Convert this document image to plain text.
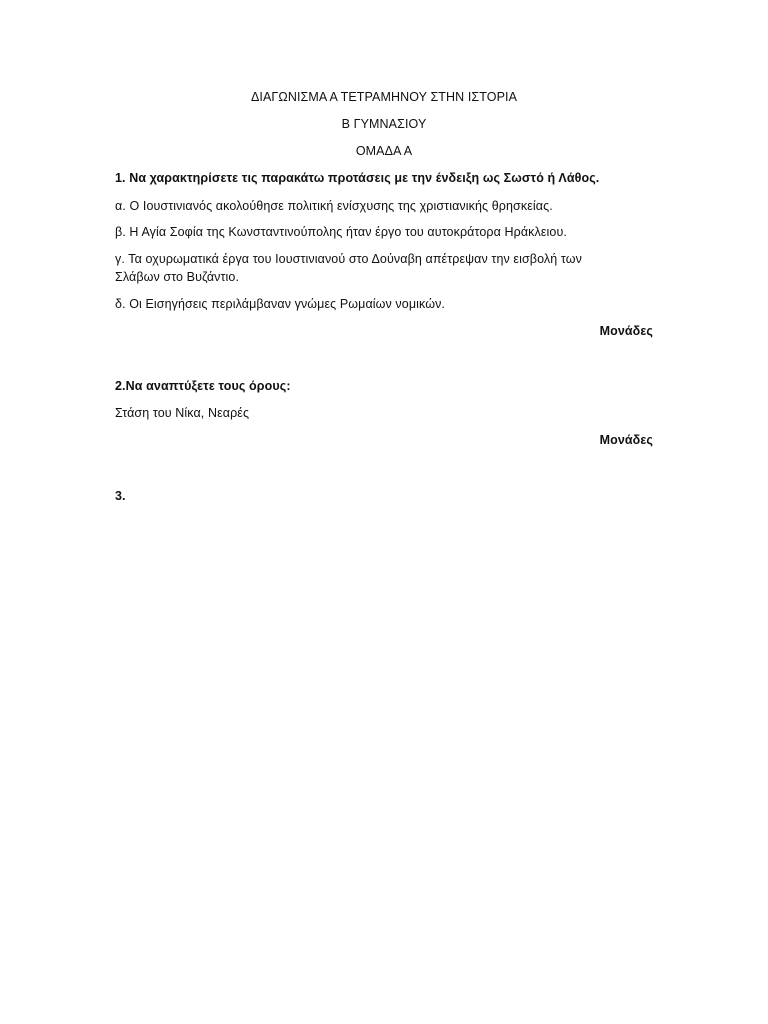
ΔΙΑΓΩΝΙΣΜΑ Α ΤΕΤΡΑΜΗΝΟΥ ΣΤΗΝ ΙΣΤΟΡΙΑ
Β ΓΥΜΝΑΣΙΟΥ
ΟΜΑΔΑ Α
1. Να χαρακτηρίσετε τις παρακάτω προτάσεις με την ένδειξη ως Σωστό ή Λάθος.
α. Ο Ιουστινιανός ακολούθησε πολιτική ενίσχυσης της χριστιανικής θρησκείας.
β. Η Αγία Σοφία της Κωνσταντινούπολης ήταν έργο του αυτοκράτορα Ηράκλειου.
γ. Τα οχυρωματικά έργα του Ιουστινιανού στο Δούναβη απέτρεψαν την εισβολή των
Σλάβων στο Βυζάντιο.
δ. Οι Εισηγήσεις περιλάμβαναν γνώμες Ρωμαίων νομικών.
Μονάδες
2.Να αναπτύξετε τους όρους:
Στάση του Νίκα, Νεαρές
Μονάδες
3.
